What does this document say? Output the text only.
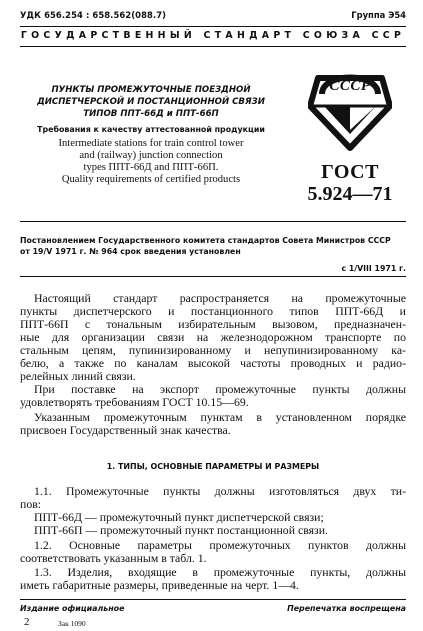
УДК 656.254 : 658.562(088.7)	Группа Э54
ГОСУДАРСТВЕННЫЙ СТАНДАРТ СОЮЗА ССР
ПУНКТЫ ПРОМЕЖУТОЧНЫЕ ПОЕЗДНОЙ
ДИСПЕТЧЕРСКОЙ И ПОСТАНЦИОННОЙ СВЯЗИ
ТИПОВ ППТ-66Д и ППТ-66П
Требования к качеству аттестованной продукции
Intermediate stations for train control tower
and (railway) junction connection
types ППТ-66Д and ППТ-66П.
Quality requirements of certified products
СССР
ГОСТ
5.924—71
Постановлением Государственного комитета стандартов Совета Министров СССР
от 19/V 1971 г. № 964 срок введения установлен
с 1/VIII 1971 г.
Настоящий стандарт распространяется на промежуточные
пункты диспетчерского и постанционного типов ППТ-66Д и
ППТ-66П с тональным избирательным вызовом, предназначен-
ные для организации связи на железнодорожном транспорте по
стальным цепям, пупинизированному и непупинизированному ка-
белю, а также по каналам высокой частоты проводных и радио-
релейных линий связи.
При поставке на экспорт промежуточные пункты должны
удовлетворять требованиям ГОСТ 10.15—69.
Указанным промежуточным пунктам в установленном порядке
присвоен Государственный знак качества.
1. ТИПЫ, ОСНОВНЫЕ ПАРАМЕТРЫ И РАЗМЕРЫ
1.1. Промежуточные пункты должны изготовляться двух ти-
пов:
ППТ-66Д — промежуточный пункт диспетчерской связи;
ППТ-66П — промежуточный пункт постанционной связи.
1.2. Основные параметры промежуточных пунктов должны
соответствовать указанным в табл. 1.
1.3. Изделия, входящие в промежуточные пункты, должны
иметь габаритные размеры, приведенные на черт. 1—4.
Издание официальное	Перепечатка воспрещена
2	Зак 1090
